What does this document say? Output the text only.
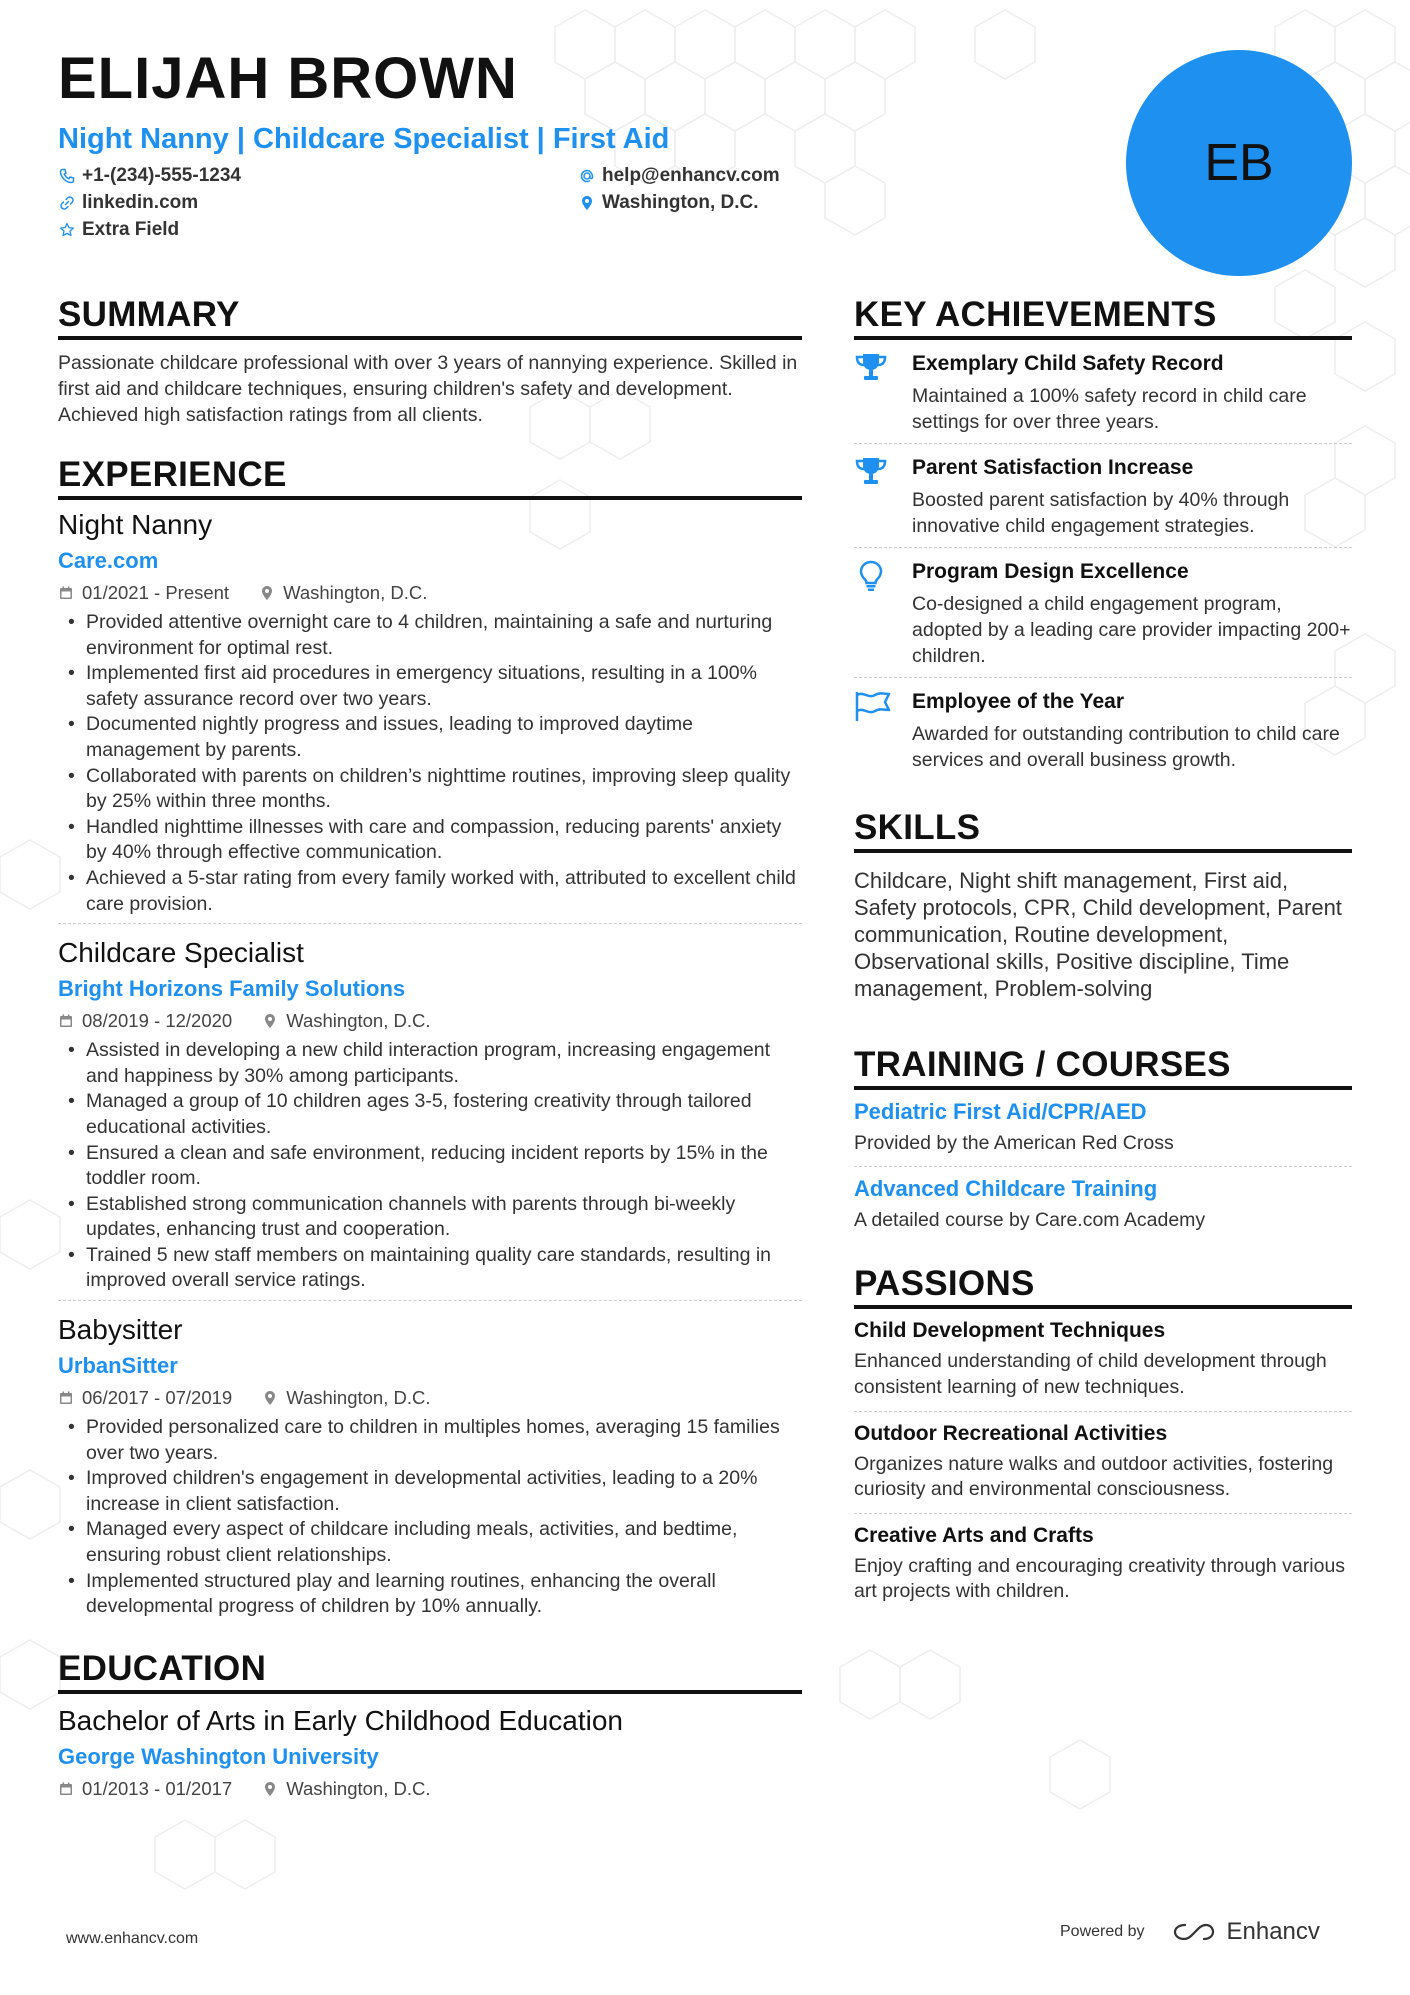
ELIJAH BROWN
Night Nanny | Childcare Specialist | First Aid
+1-(234)-555-1234	help@enhancv.com
linkedin.com	Washington, D.C.
Extra Field
EB
SUMMARY
Passionate childcare professional with over 3 years of nannying experience. Skilled in first aid and childcare techniques, ensuring children's safety and development. Achieved high satisfaction ratings from all clients.
EXPERIENCE
Night Nanny
Care.com
01/2021 - Present	Washington, D.C.
• Provided attentive overnight care to 4 children, maintaining a safe and nurturing environment for optimal rest.
• Implemented first aid procedures in emergency situations, resulting in a 100% safety assurance record over two years.
• Documented nightly progress and issues, leading to improved daytime management by parents.
• Collaborated with parents on children’s nighttime routines, improving sleep quality by 25% within three months.
• Handled nighttime illnesses with care and compassion, reducing parents' anxiety by 40% through effective communication.
• Achieved a 5-star rating from every family worked with, attributed to excellent child care provision.
Childcare Specialist
Bright Horizons Family Solutions
08/2019 - 12/2020	Washington, D.C.
• Assisted in developing a new child interaction program, increasing engagement and happiness by 30% among participants.
• Managed a group of 10 children ages 3-5, fostering creativity through tailored educational activities.
• Ensured a clean and safe environment, reducing incident reports by 15% in the toddler room.
• Established strong communication channels with parents through bi-weekly updates, enhancing trust and cooperation.
• Trained 5 new staff members on maintaining quality care standards, resulting in improved overall service ratings.
Babysitter
UrbanSitter
06/2017 - 07/2019	Washington, D.C.
• Provided personalized care to children in multiples homes, averaging 15 families over two years.
• Improved children's engagement in developmental activities, leading to a 20% increase in client satisfaction.
• Managed every aspect of childcare including meals, activities, and bedtime, ensuring robust client relationships.
• Implemented structured play and learning routines, enhancing the overall developmental progress of children by 10% annually.
EDUCATION
Bachelor of Arts in Early Childhood Education
George Washington University
01/2013 - 01/2017	Washington, D.C.
KEY ACHIEVEMENTS
Exemplary Child Safety Record
Maintained a 100% safety record in child care settings for over three years.
Parent Satisfaction Increase
Boosted parent satisfaction by 40% through innovative child engagement strategies.
Program Design Excellence
Co-designed a child engagement program, adopted by a leading care provider impacting 200+ children.
Employee of the Year
Awarded for outstanding contribution to child care services and overall business growth.
SKILLS
Childcare, Night shift management, First aid, Safety protocols, CPR, Child development, Parent communication, Routine development, Observational skills, Positive discipline, Time management, Problem-solving
TRAINING / COURSES
Pediatric First Aid/CPR/AED
Provided by the American Red Cross
Advanced Childcare Training
A detailed course by Care.com Academy
PASSIONS
Child Development Techniques
Enhanced understanding of child development through consistent learning of new techniques.
Outdoor Recreational Activities
Organizes nature walks and outdoor activities, fostering curiosity and environmental consciousness.
Creative Arts and Crafts
Enjoy crafting and encouraging creativity through various art projects with children.
www.enhancv.com	Powered by	Enhancv
